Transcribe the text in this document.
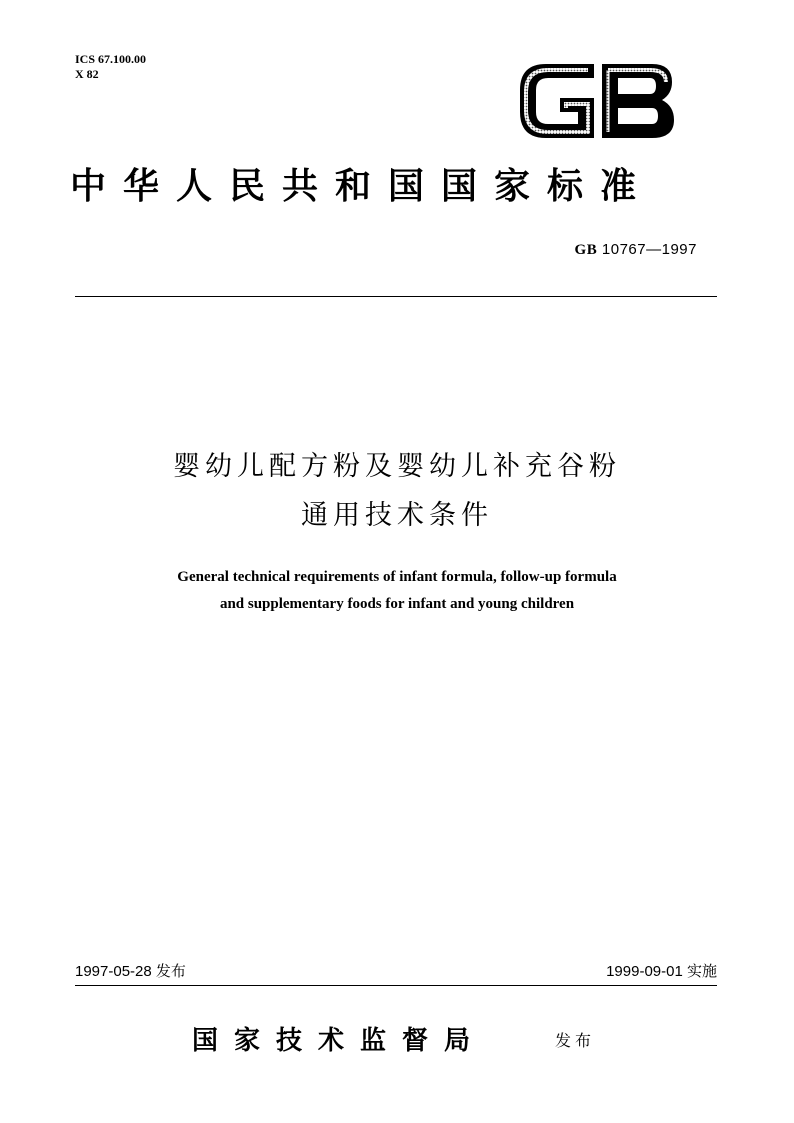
ICS 67.100.00
X 82
中华人民共和国国家标准
GB 10767—1997
婴幼儿配方粉及婴幼儿补充谷粉
通用技术条件
General technical requirements of infant formula, follow-up formula
and supplementary foods for infant and young children
1997-05-28 发布	1999-09-01 实施
国家技术监督局	发布
